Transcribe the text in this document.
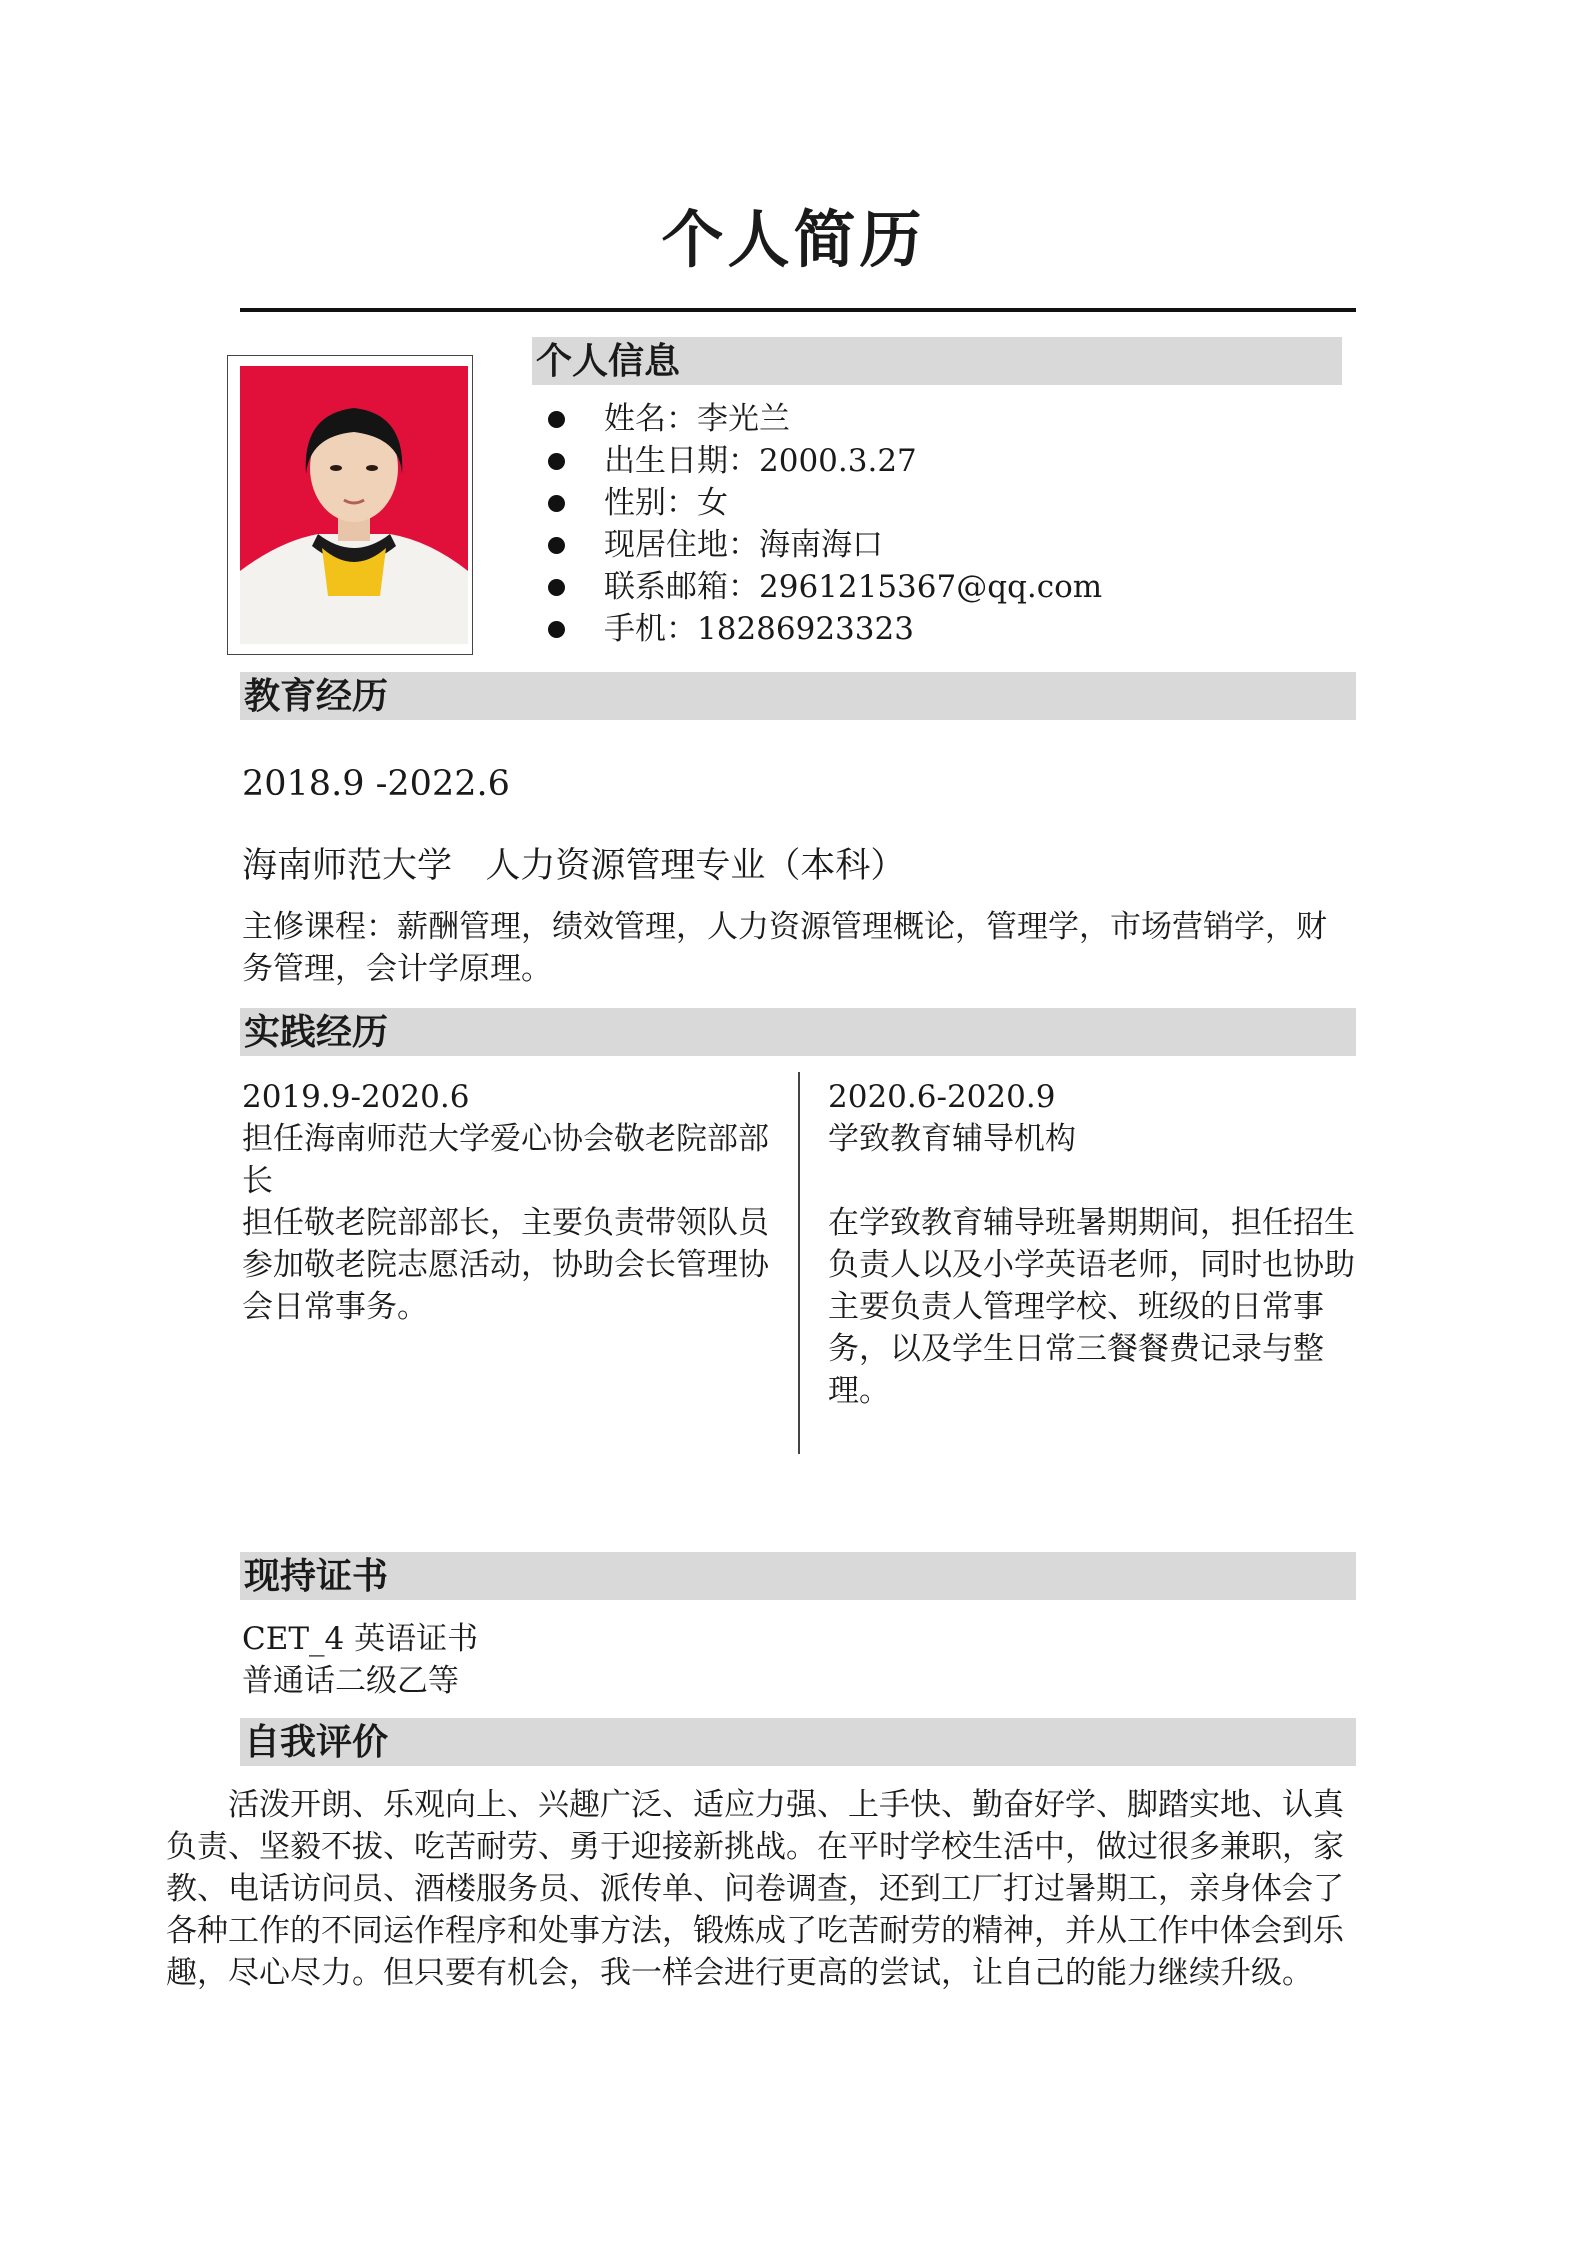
个人简历
个人信息
姓名：李光兰
出生日期：2000.3.27
性别：女
现居住地：海南海口
联系邮箱：2961215367@qq.com
手机：18286923323
教育经历
2018.9 -2022.6
海南师范大学   人力资源管理专业（本科）
主修课程：薪酬管理，绩效管理，人力资源管理概论，管理学，市场营销学，财务管理，会计学原理。
实践经历
2019.9-2020.6
担任海南师范大学爱心协会敬老院部部长
担任敬老院部部长，主要负责带领队员参加敬老院志愿活动，协助会长管理协会日常事务。
2020.6-2020.9
学致教育辅导机构
在学致教育辅导班暑期期间，担任招生负责人以及小学英语老师，同时也协助主要负责人管理学校、班级的日常事务，以及学生日常三餐餐费记录与整理。
现持证书
CET_4 英语证书
普通话二级乙等
自我评价
活泼开朗、乐观向上、兴趣广泛、适应力强、上手快、勤奋好学、脚踏实地、认真负责、坚毅不拔、吃苦耐劳、勇于迎接新挑战。在平时学校生活中，做过很多兼职，家教、电话访问员、酒楼服务员、派传单、问卷调查，还到工厂打过暑期工，亲身体会了各种工作的不同运作程序和处事方法，锻炼成了吃苦耐劳的精神，并从工作中体会到乐趣，尽心尽力。但只要有机会，我一样会进行更高的尝试，让自己的能力继续升级。
